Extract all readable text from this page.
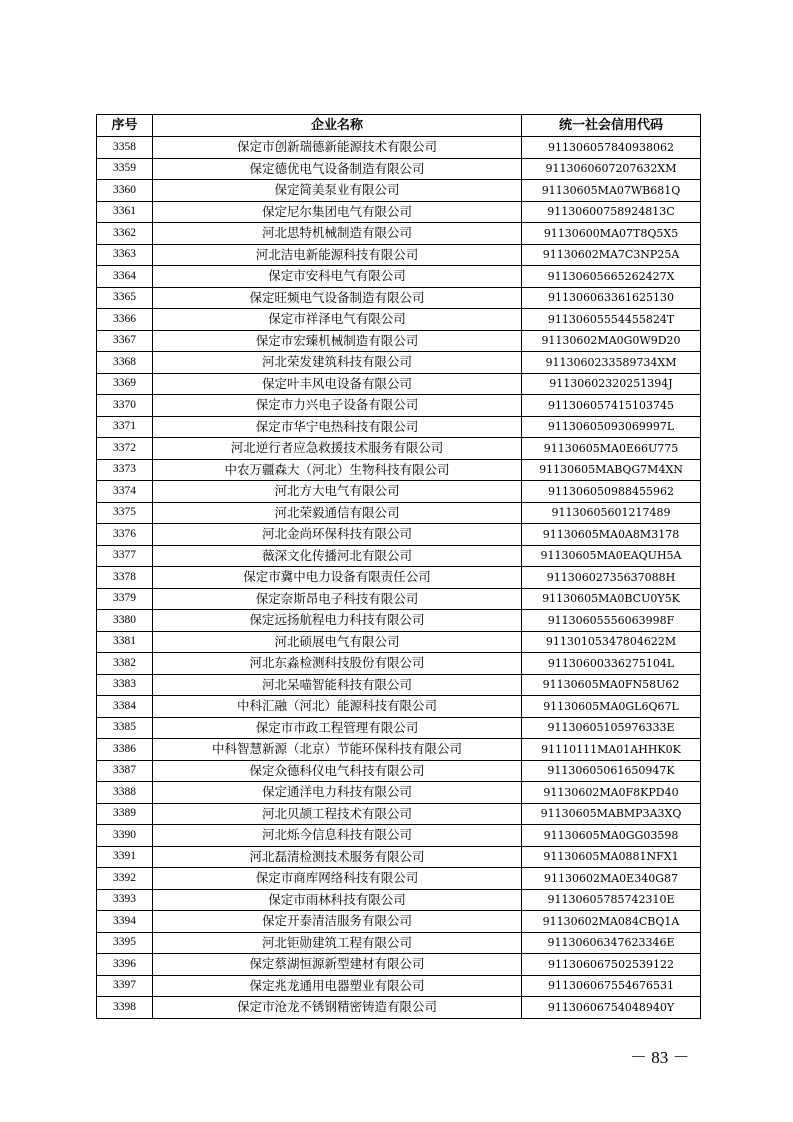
序号	企业名称	统一社会信用代码
3358	保定市创新瑞德新能源技术有限公司	911306057840938062
3359	保定德优电气设备制造有限公司	9113060607207632XM
3360	保定简美泵业有限公司	91130605MA07WB681Q
3361	保定尼尔集团电气有限公司	91130600758924813C
3362	河北思特机械制造有限公司	91130600MA07T8Q5X5
3363	河北洁电新能源科技有限公司	91130602MA7C3NP25A
3364	保定市安科电气有限公司	91130605665262427X
3365	保定旺频电气设备制造有限公司	911306063361625130
3366	保定市祥泽电气有限公司	91130605554455824T
3367	保定市宏臻机械制造有限公司	91130602MA0G0W9D20
3368	河北荣发建筑科技有限公司	9113060233589734XM
3369	保定叶丰风电设备有限公司	91130602320251394J
3370	保定市力兴电子设备有限公司	911306057415103745
3371	保定市华宁电热科技有限公司	91130605093069997L
3372	河北逆行者应急救援技术服务有限公司	91130605MA0E66U775
3373	中农万疆森大（河北）生物科技有限公司	91130605MABQG7M4XN
3374	河北方大电气有限公司	911306050988455962
3375	河北荣毅通信有限公司	91130605601217489
3376	河北金尚环保科技有限公司	91130605MA0A8M3178
3377	薇深文化传播河北有限公司	91130605MA0EAQUH5A
3378	保定市冀中电力设备有限责任公司	91130602735637088H
3379	保定奈斯昂电子科技有限公司	91130605MA0BCU0Y5K
3380	保定远扬航程电力科技有限公司	91130605556063998F
3381	河北硕展电气有限公司	91130105347804622M
3382	河北东淼检测科技股份有限公司	91130600336275104L
3383	河北呆喵智能科技有限公司	91130605MA0FN58U62
3384	中科汇融（河北）能源科技有限公司	91130605MA0GL6Q67L
3385	保定市市政工程管理有限公司	91130605105976333E
3386	中科智慧新源（北京）节能环保科技有限公司	91110111MA01AHHK0K
3387	保定众德科仪电气科技有限公司	91130605061650947K
3388	保定通洋电力科技有限公司	91130602MA0F8KPD40
3389	河北贝颉工程技术有限公司	91130605MABMP3A3XQ
3390	河北烁今信息科技有限公司	91130605MA0GG03598
3391	河北磊清检测技术服务有限公司	91130605MA0881NFX1
3392	保定市商库网络科技有限公司	91130602MA0E340G87
3393	保定市雨林科技有限公司	91130605785742310E
3394	保定开泰清洁服务有限公司	91130602MA084CBQ1A
3395	河北钜勋建筑工程有限公司	91130606347623346E
3396	保定蔡湖恒源新型建材有限公司	911306067502539122
3397	保定兆龙通用电器塑业有限公司	911306067554676531
3398	保定市沧龙不锈钢精密铸造有限公司	91130606754048940Y
－ 83 －
